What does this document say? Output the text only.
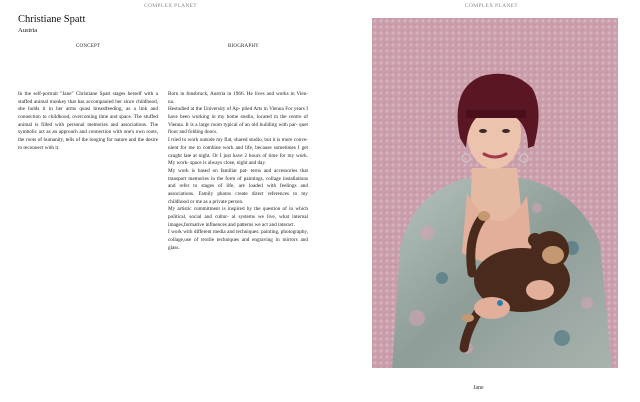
COMPLEX PLANET	COMPLEX PLANET
Christiane Spatt
Austria
CONCEPT	BIOGRAPHY
In the self-portrait "Jane" Christiane Spatt stages herself with a stuffed animal monkey that has accompanied her since childhood, she holds it in her arms quasi breastfeeding, as a link and connection to childhood, overcoming time and space. The stuffed animal is filled with personal memories and associations. The symbolic act as an approach and connection with one's own roots, the roots of humanity, tells of the longing for nature and the desire to reconnect with it.

Born in Innsbruck, Austria in 1966. He lives and works in Vien- na.

Hestudied at the University of Ap- plied Arts in Vienna For years I have been working in my home studio, located in the centre of Vienna. It is a large room typical of an old building with par- quet floor and folding doors.

I tried to work outside my flat, shared studio, but it is more conve- nient for me to combine work and life, because sometimes I get caught late at night. Or I just have 2 hours of time for my work. My work- space is always close, night and day.

My work is based on familiar pat- terns and accessories that transport memories in the form of paintings, collage installations and refer to stages of life, are loaded with feelings and associations. Family photos create direct references to my childhood or me as a private person.

My artistic commitment is inspired by the question of in which political, social and cultur- al systems we live, what internal images,formative influences and patterns we act and interact.

I work with different media and techniques: painting, photography, collage,use of textile techniques and engraving in mirrors and glass.

Jane
